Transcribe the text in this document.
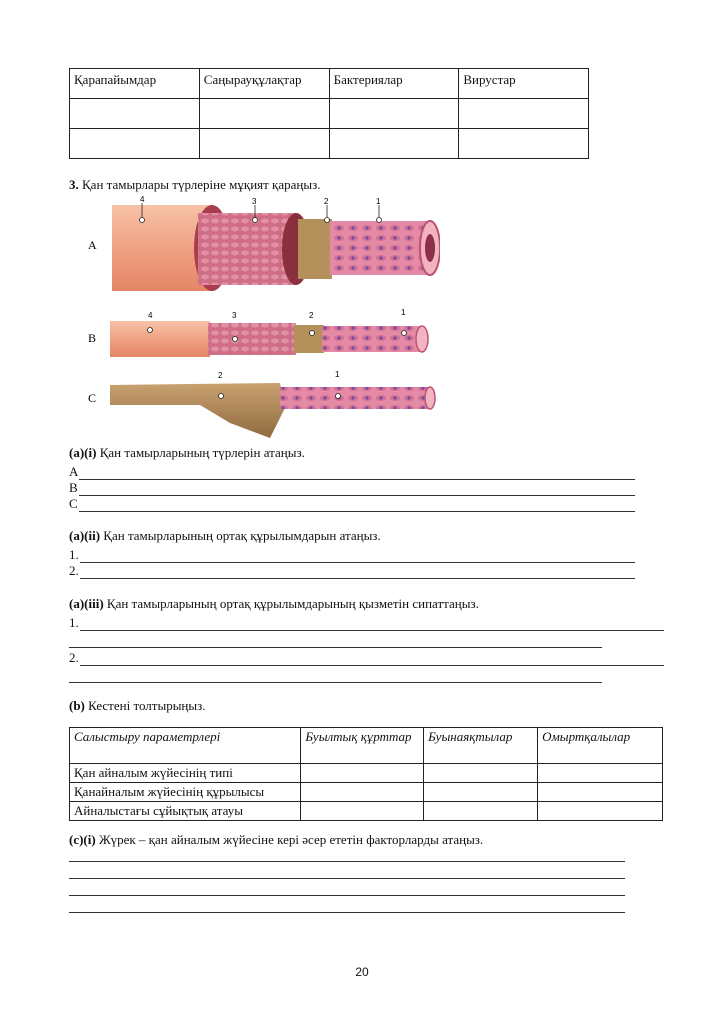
Қарапайымдар	Саңырауқұлақтар	Бактериялар	Вирустар

3. Қан тамырлары түрлеріне мұқият қараңыз.
A
B
C
4	3	2	1
4	3	2	1
2	1
(a)(i) Қан тамырларының түрлерін атаңыз.
A
B
C
(a)(ii) Қан тамырларының ортақ құрылымдарын атаңыз.
1.
2.
(a)(iii) Қан тамырларының ортақ құрылымдарының қызметін сипаттаңыз.
1.
2.
(b) Кестені толтырыңыз.
Салыстыру параметрлері	Буылтық құрттар	Буынаяқтылар	Омыртқалылар
Қан айналым жүйесінің типі			
Қанайналым жүйесінің құрылысы			
Айналыстағы сұйықтық атауы			
(c)(i) Жүрек – қан айналым жүйесіне кері әсер ететін факторларды атаңыз.
20
